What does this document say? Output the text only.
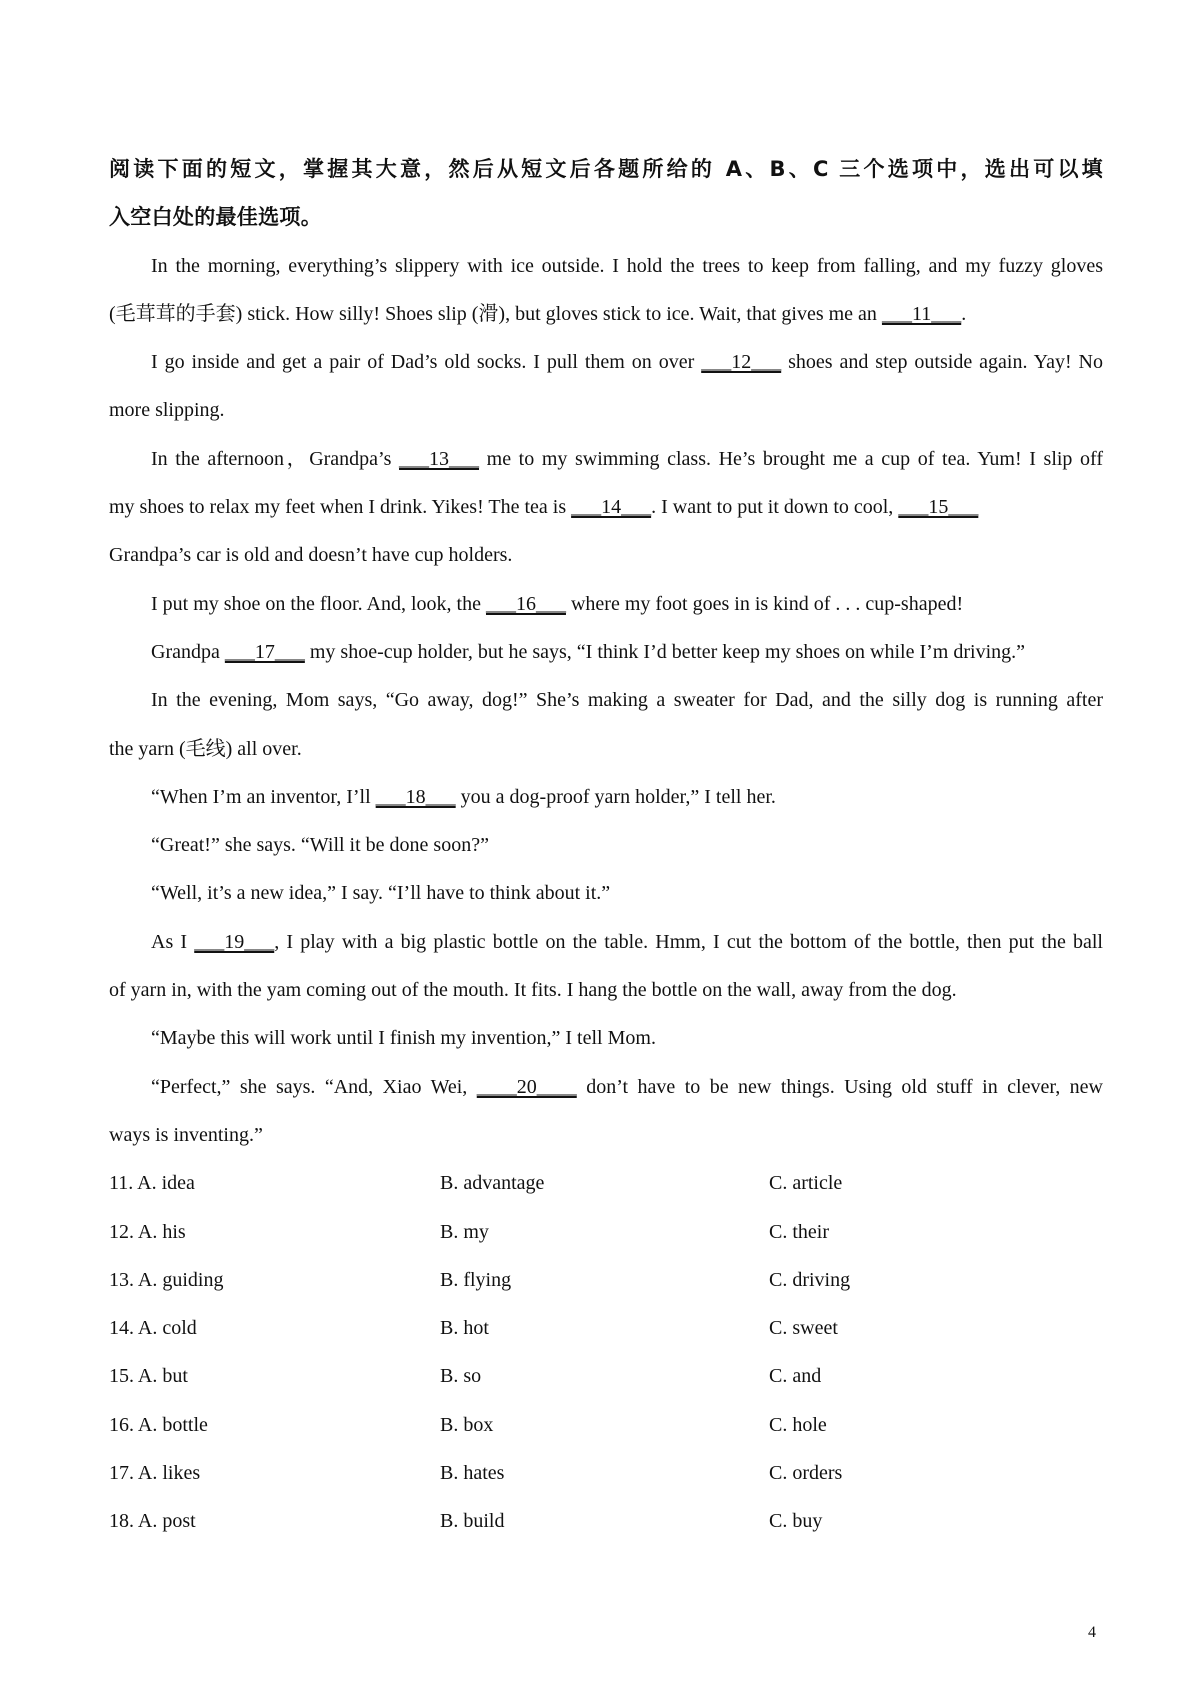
阅读下面的短文，掌握其大意，然后从短文后各题所给的 A、B、C 三个选项中，选出可以填
入空白处的最佳选项。
In the morning, everything’s slippery with ice outside. I hold the trees to keep from falling, and my fuzzy gloves
(毛茸茸的手套) stick. How silly! Shoes slip (滑), but gloves stick to ice. Wait, that gives me an ___11___.
I go inside and get a pair of Dad’s old socks. I pull them on over ___12___ shoes and step outside again. Yay! No
more slipping.
In the afternoon，Grandpa’s ___13___ me to my swimming class. He’s brought me a cup of tea. Yum! I slip off
my shoes to relax my feet when I drink. Yikes! The tea is ___14___. I want to put it down to cool, ___15___
Grandpa’s car is old and doesn’t have cup holders.
I put my shoe on the floor. And, look, the ___16___ where my foot goes in is kind of . . . cup-shaped!
Grandpa ___17___ my shoe-cup holder, but he says, “I think I’d better keep my shoes on while I’m driving.”
In the evening, Mom says, “Go away, dog!” She’s making a sweater for Dad, and the silly dog is running after
the yarn (毛线) all over.
“When I’m an inventor, I’ll ___18___ you a dog-proof yarn holder,” I tell her.
“Great!” she says. “Will it be done soon?”
“Well, it’s a new idea,” I say. “I’ll have to think about it.”
As I ___19___, I play with a big plastic bottle on the table. Hmm, I cut the bottom of the bottle, then put the ball
of yarn in, with the yam coming out of the mouth. It fits. I hang the bottle on the wall, away from the dog.
“Maybe this will work until I finish my invention,” I tell Mom.
“Perfect,” she says. “And, Xiao Wei, ____20____ don’t have to be new things. Using old stuff in clever, new
ways is inventing.”
11. A. idea	B. advantage	C. article
12. A. his	B. my	C. their
13. A. guiding	B. flying	C. driving
14. A. cold	B. hot	C. sweet
15. A. but	B. so	C. and
16. A. bottle	B. box	C. hole
17. A. likes	B. hates	C. orders
18. A. post	B. build	C. buy
4
